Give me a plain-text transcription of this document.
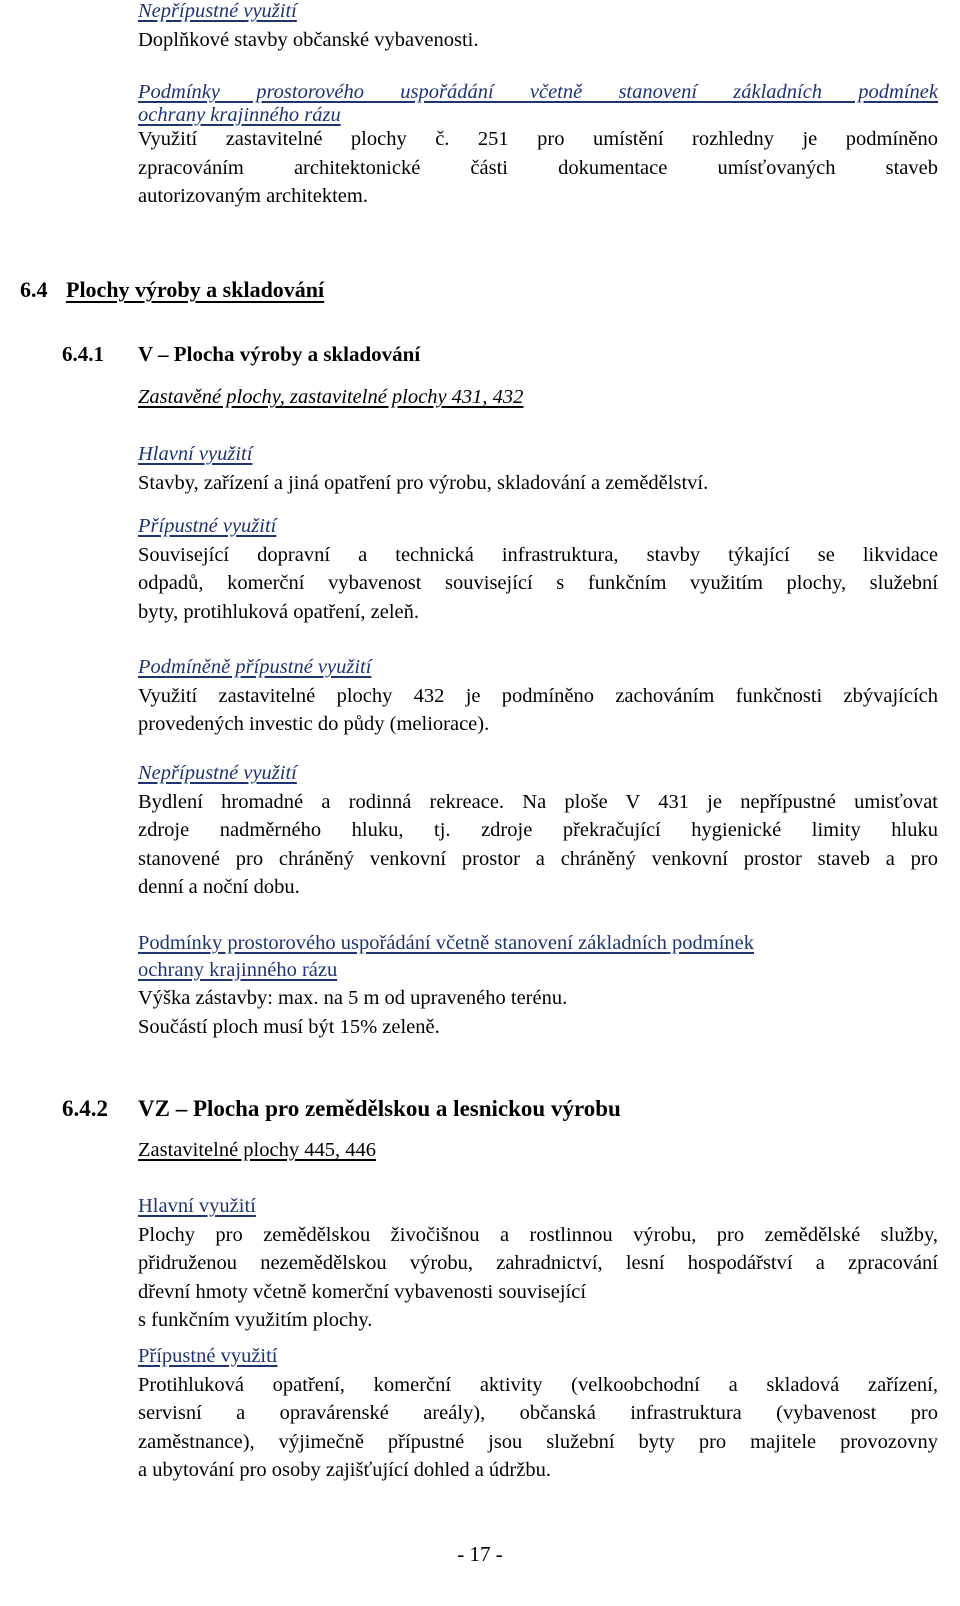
Nepřípustné využití
Doplňkové stavby občanské vybavenosti.
Podmínky prostorového uspořádání včetně stanovení základních podmínek
ochrany krajinného rázu
Využití zastavitelné plochy č. 251 pro umístění rozhledny je podmíněno
zpracováním architektonické části dokumentace umísťovaných staveb
autorizovaným architektem.
6.4 Plochy výroby a skladování
6.4.1 V – Plocha výroby a skladování
Zastavěné plochy, zastavitelné plochy 431, 432
Hlavní využití
Stavby, zařízení a jiná opatření pro výrobu, skladování a zemědělství.
Přípustné využití
Související dopravní a technická infrastruktura, stavby týkající se likvidace
odpadů, komerční vybavenost související s funkčním využitím plochy, služební
byty, protihluková opatření, zeleň.
Podmíněně přípustné využití
Využití zastavitelné plochy 432 je podmíněno zachováním funkčnosti zbývajících
provedených investic do půdy (meliorace).
Nepřípustné využití
Bydlení hromadné a rodinná rekreace. Na ploše V 431 je nepřípustné umisťovat
zdroje nadměrného hluku, tj. zdroje překračující hygienické limity hluku
stanovené pro chráněný venkovní prostor a chráněný venkovní prostor staveb a pro
denní a noční dobu.
Podmínky prostorového uspořádání včetně stanovení základních podmínek
ochrany krajinného rázu
Výška zástavby: max. na 5 m od upraveného terénu.
Součástí ploch musí být 15% zeleně.
6.4.2 VZ – Plocha pro zemědělskou a lesnickou výrobu
Zastavitelné plochy 445, 446
Hlavní využití
Plochy pro zemědělskou živočišnou a rostlinnou výrobu, pro zemědělské služby,
přidruženou nezemědělskou výrobu, zahradnictví, lesní hospodářství a zpracování
dřevní hmoty včetně komerční vybavenosti související
s funkčním využitím plochy.
Přípustné využití
Protihluková opatření, komerční aktivity (velkoobchodní a skladová zařízení,
servisní a opravárenské areály), občanská infrastruktura (vybavenost pro
zaměstnance), výjimečně přípustné jsou služební byty pro majitele provozovny
a ubytování pro osoby zajišťující dohled a údržbu.
- 17 -
